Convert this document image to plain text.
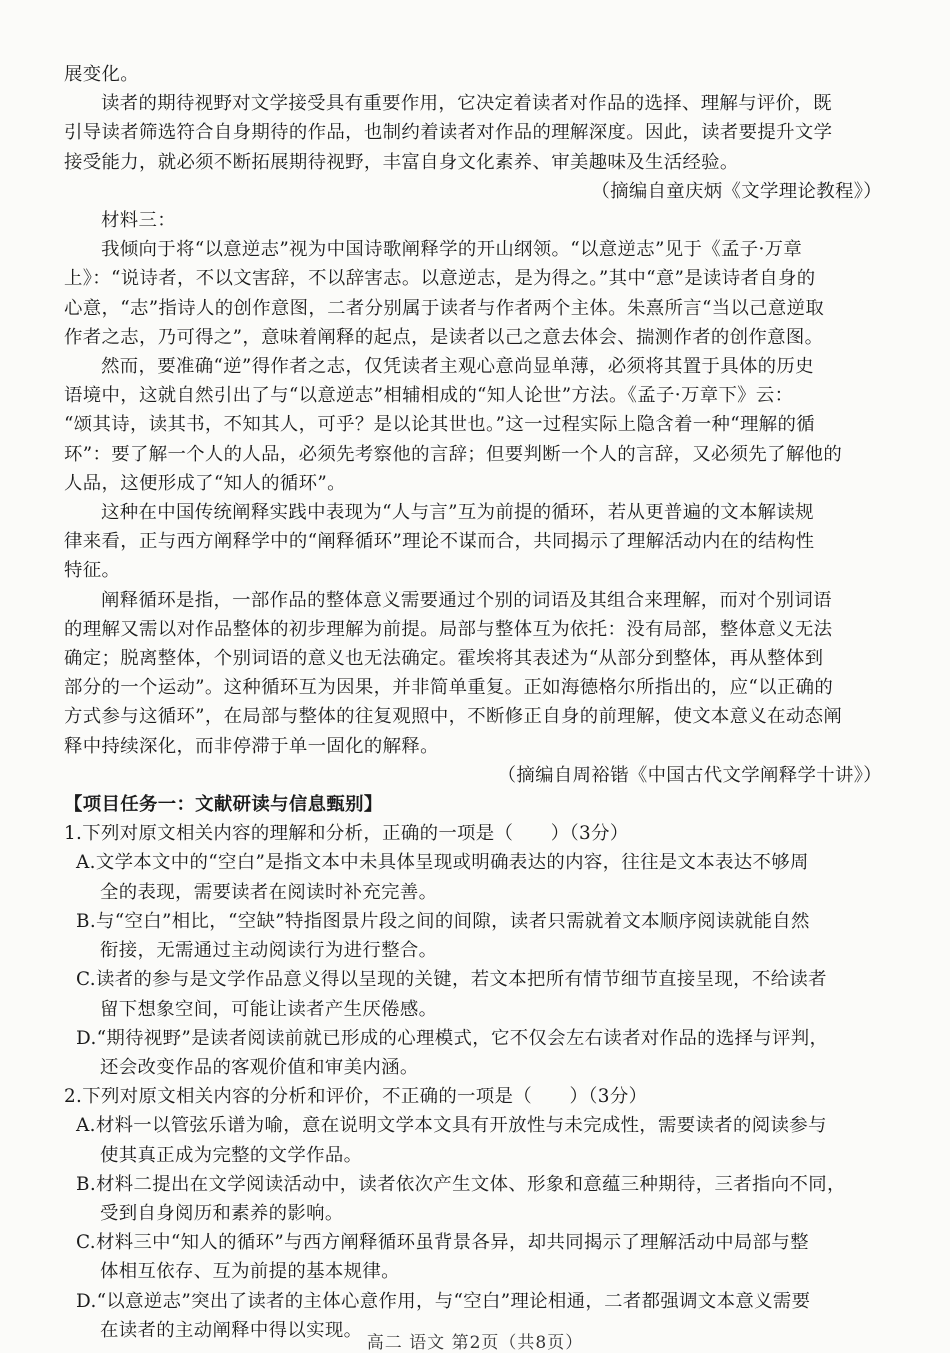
展变化。
读者的期待视野对文学接受具有重要作用，它决定着读者对作品的选择、理解与评价，既
引导读者筛选符合自身期待的作品，也制约着读者对作品的理解深度。因此，读者要提升文学
接受能力，就必须不断拓展期待视野，丰富自身文化素养、审美趣味及生活经验。
（摘编自童庆炳《文学理论教程》）
材料三：
我倾向于将“以意逆志”视为中国诗歌阐释学的开山纲领。“以意逆志”见于《孟子·万章
上》：“说诗者，不以文害辞，不以辞害志。以意逆志，是为得之。”其中“意”是读诗者自身的
心意，“志”指诗人的创作意图，二者分别属于读者与作者两个主体。朱熹所言“当以己意逆取
作者之志，乃可得之”，意味着阐释的起点，是读者以己之意去体会、揣测作者的创作意图。
然而，要准确“逆”得作者之志，仅凭读者主观心意尚显单薄，必须将其置于具体的历史
语境中，这就自然引出了与“以意逆志”相辅相成的“知人论世”方法。《孟子·万章下》云：
“颂其诗，读其书，不知其人，可乎？是以论其世也。”这一过程实际上隐含着一种“理解的循
环”：要了解一个人的人品，必须先考察他的言辞；但要判断一个人的言辞，又必须先了解他的
人品，这便形成了“知人的循环”。
这种在中国传统阐释实践中表现为“人与言”互为前提的循环，若从更普遍的文本解读规
律来看，正与西方阐释学中的“阐释循环”理论不谋而合，共同揭示了理解活动内在的结构性
特征。
阐释循环是指，一部作品的整体意义需要通过个别的词语及其组合来理解，而对个别词语
的理解又需以对作品整体的初步理解为前提。局部与整体互为依托：没有局部，整体意义无法
确定；脱离整体，个别词语的意义也无法确定。霍埃将其表述为“从部分到整体，再从整体到
部分的一个运动”。这种循环互为因果，并非简单重复。正如海德格尔所指出的，应“以正确的
方式参与这循环”，在局部与整体的往复观照中，不断修正自身的前理解，使文本意义在动态阐
释中持续深化，而非停滞于单一固化的解释。
（摘编自周裕锴《中国古代文学阐释学十讲》）
【项目任务一：文献研读与信息甄别】
1.下列对原文相关内容的理解和分析，正确的一项是（　　）（3分）
A.文学本文中的“空白”是指文本中未具体呈现或明确表达的内容，往往是文本表达不够周
全的表现，需要读者在阅读时补充完善。
B.与“空白”相比，“空缺”特指图景片段之间的间隙，读者只需就着文本顺序阅读就能自然
衔接，无需通过主动阅读行为进行整合。
C.读者的参与是文学作品意义得以呈现的关键，若文本把所有情节细节直接呈现，不给读者
留下想象空间，可能让读者产生厌倦感。
D.“期待视野”是读者阅读前就已形成的心理模式，它不仅会左右读者对作品的选择与评判，
还会改变作品的客观价值和审美内涵。
2.下列对原文相关内容的分析和评价，不正确的一项是（　　）（3分）
A.材料一以管弦乐谱为喻，意在说明文学本文具有开放性与未完成性，需要读者的阅读参与
使其真正成为完整的文学作品。
B.材料二提出在文学阅读活动中，读者依次产生文体、形象和意蕴三种期待，三者指向不同，
受到自身阅历和素养的影响。
C.材料三中“知人的循环”与西方阐释循环虽背景各异，却共同揭示了理解活动中局部与整
体相互依存、互为前提的基本规律。
D.“以意逆志”突出了读者的主体心意作用，与“空白”理论相通，二者都强调文本意义需要
在读者的主动阐释中得以实现。
高二 语文 第2页（共8页）
